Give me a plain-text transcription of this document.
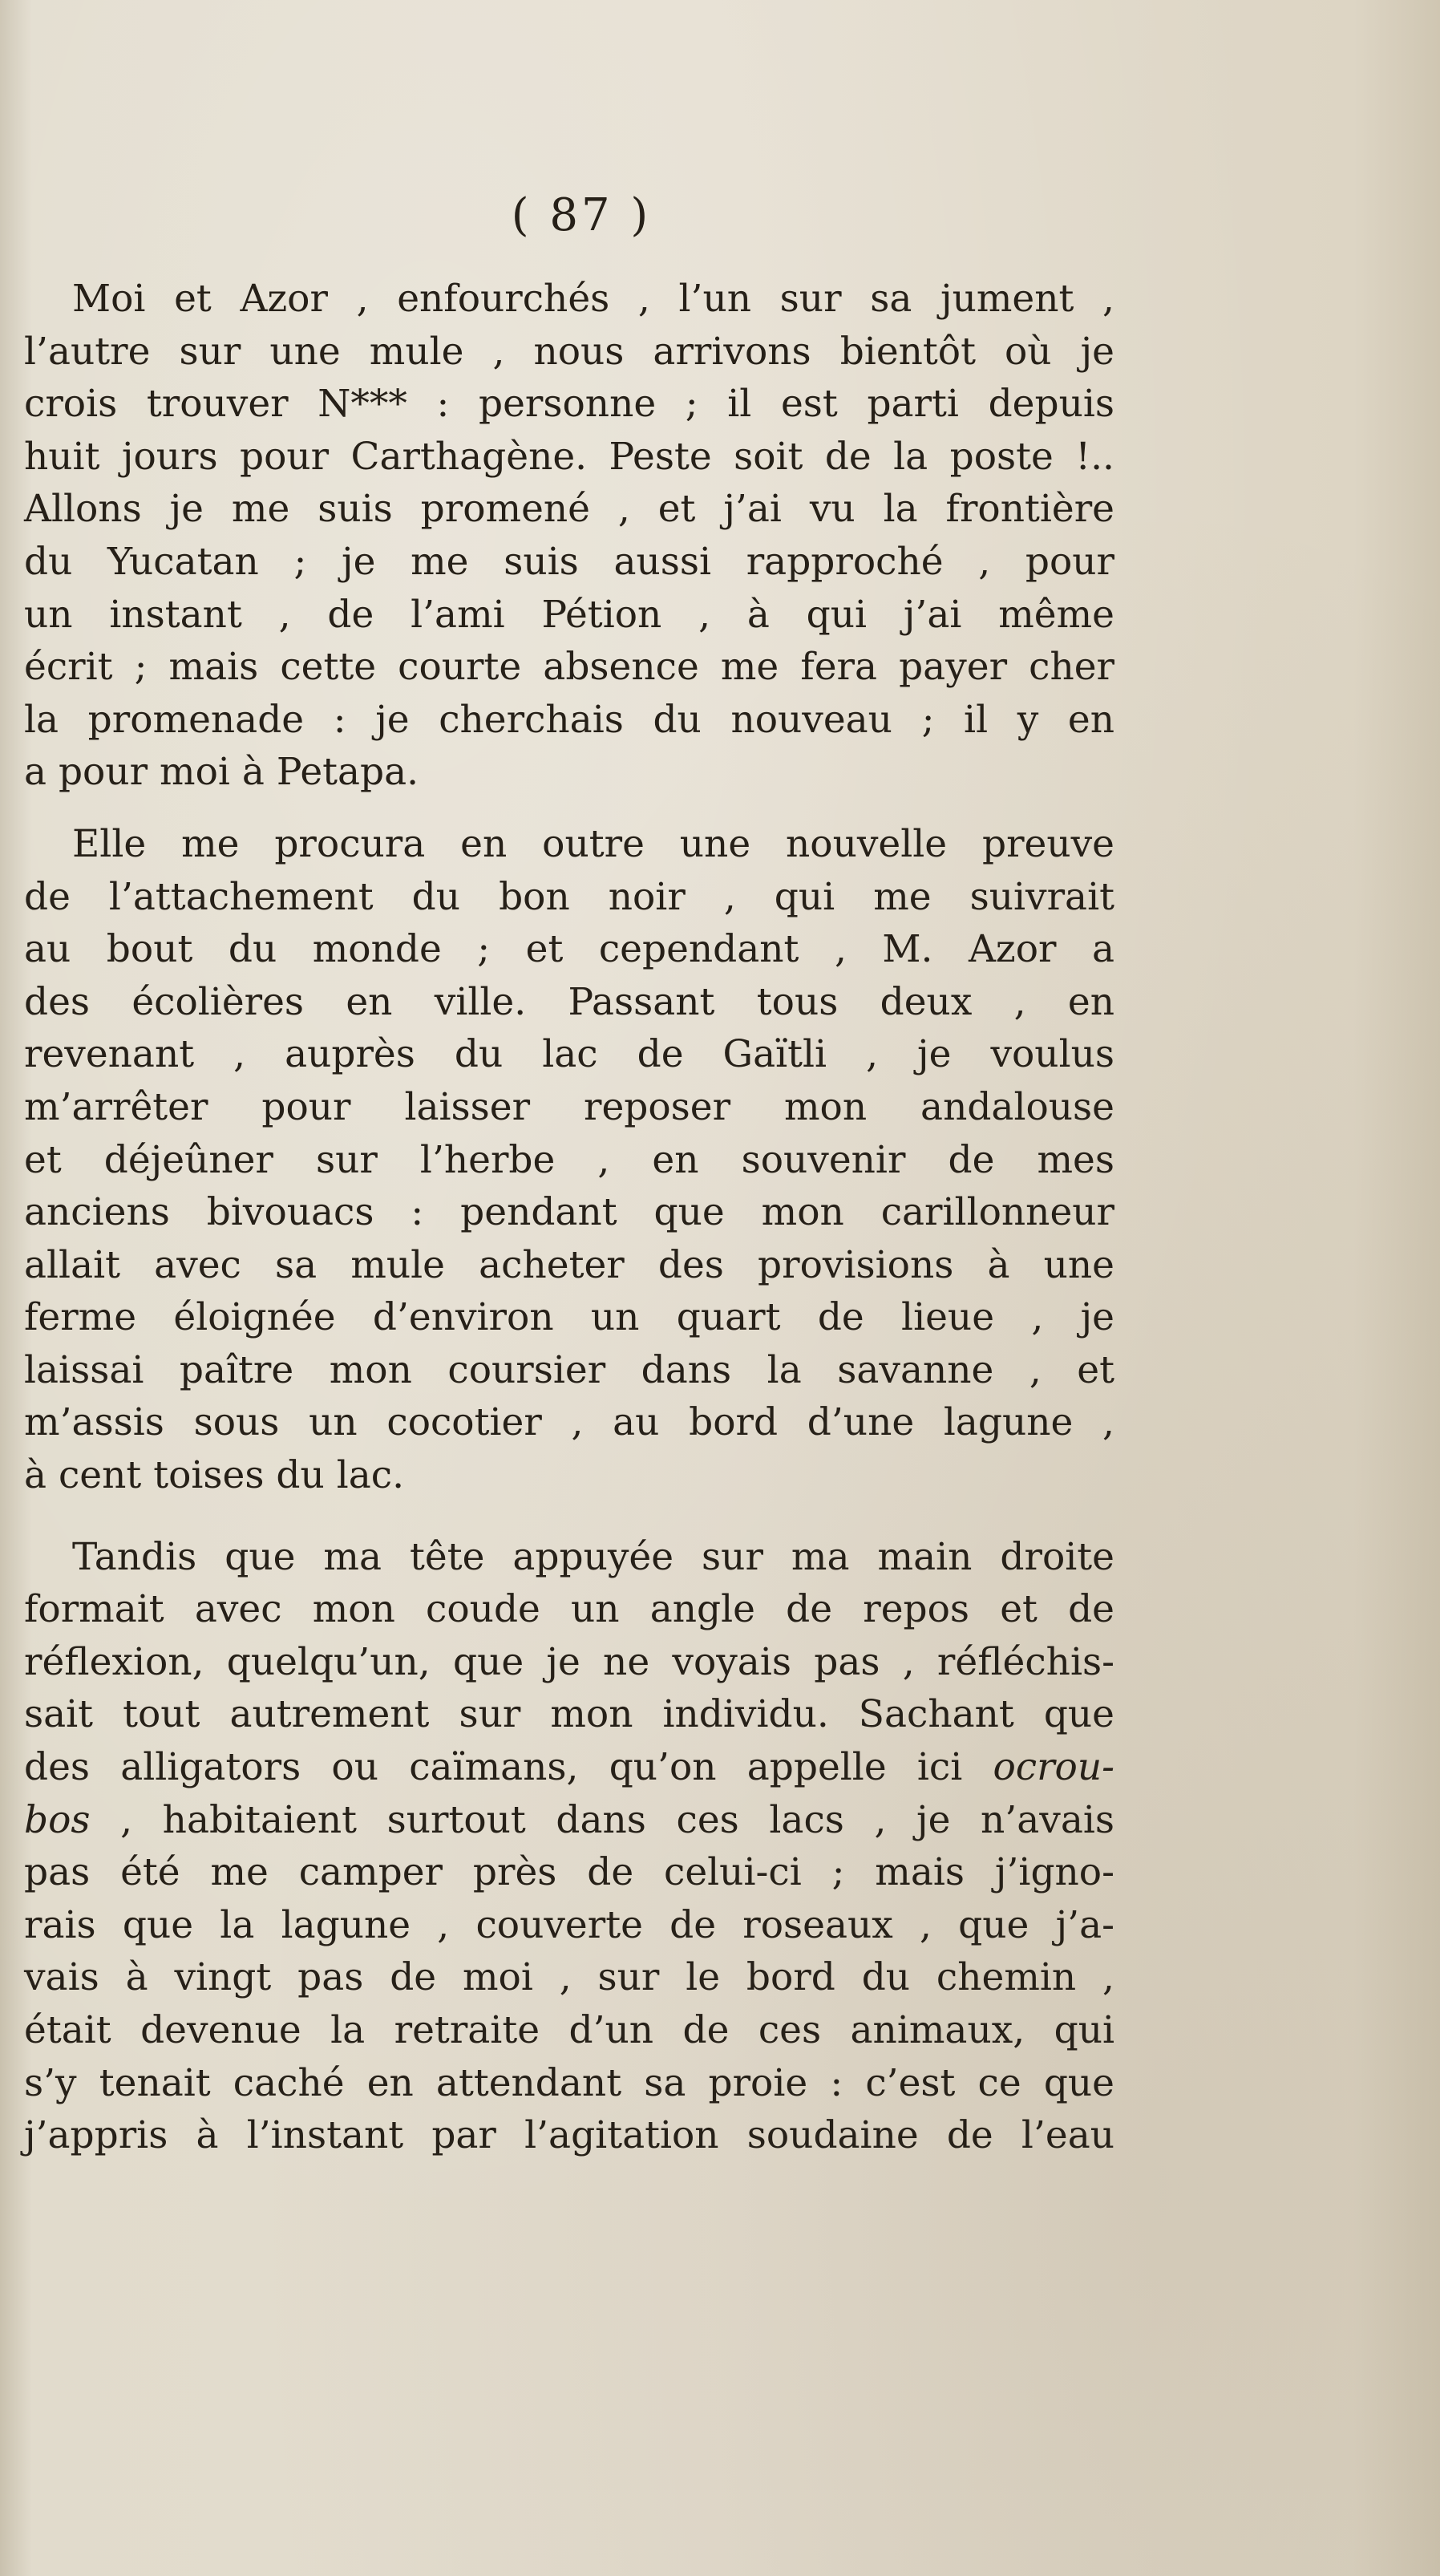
( 87 )
Moi et Azor , enfourchés , l’un sur sa jument ,
l’autre sur une mule , nous arrivons bientôt où je
crois trouver N*** : personne ; il est parti depuis
huit jours pour Carthagène. Peste soit de la poste !..
Allons je me suis promené , et j’ai vu la frontière
du Yucatan ; je me suis aussi rapproché , pour
un instant , de l’ami Pétion , à qui j’ai même
écrit ; mais cette courte absence me fera payer cher
la promenade : je cherchais du nouveau ; il y en
a pour moi à Petapa.
Elle me procura en outre une nouvelle preuve
de l’attachement du bon noir , qui me suivrait
au bout du monde ; et cependant , M. Azor a
des écolières en ville. Passant tous deux , en
revenant , auprès du lac de Gaïtli , je voulus
m’arrêter pour laisser reposer mon andalouse
et déjeûner sur l’herbe , en souvenir de mes
anciens bivouacs : pendant que mon carillonneur
allait avec sa mule acheter des provisions à une
ferme éloignée d’environ un quart de lieue , je
laissai paître mon coursier dans la savanne , et
m’assis sous un cocotier , au bord d’une lagune ,
à cent toises du lac.
Tandis que ma tête appuyée sur ma main droite
formait avec mon coude un angle de repos et de
réflexion, quelqu’un, que je ne voyais pas , réfléchis-
sait tout autrement sur mon individu. Sachant que
des alligators ou caïmans, qu’on appelle ici ocrou-
bos , habitaient surtout dans ces lacs , je n’avais
pas été me camper près de celui-ci ; mais j’igno-
rais que la lagune , couverte de roseaux , que j’a-
vais à vingt pas de moi , sur le bord du chemin ,
était devenue la retraite d’un de ces animaux, qui
s’y tenait caché en attendant sa proie : c’est ce que
j’appris à l’instant par l’agitation soudaine de l’eau
